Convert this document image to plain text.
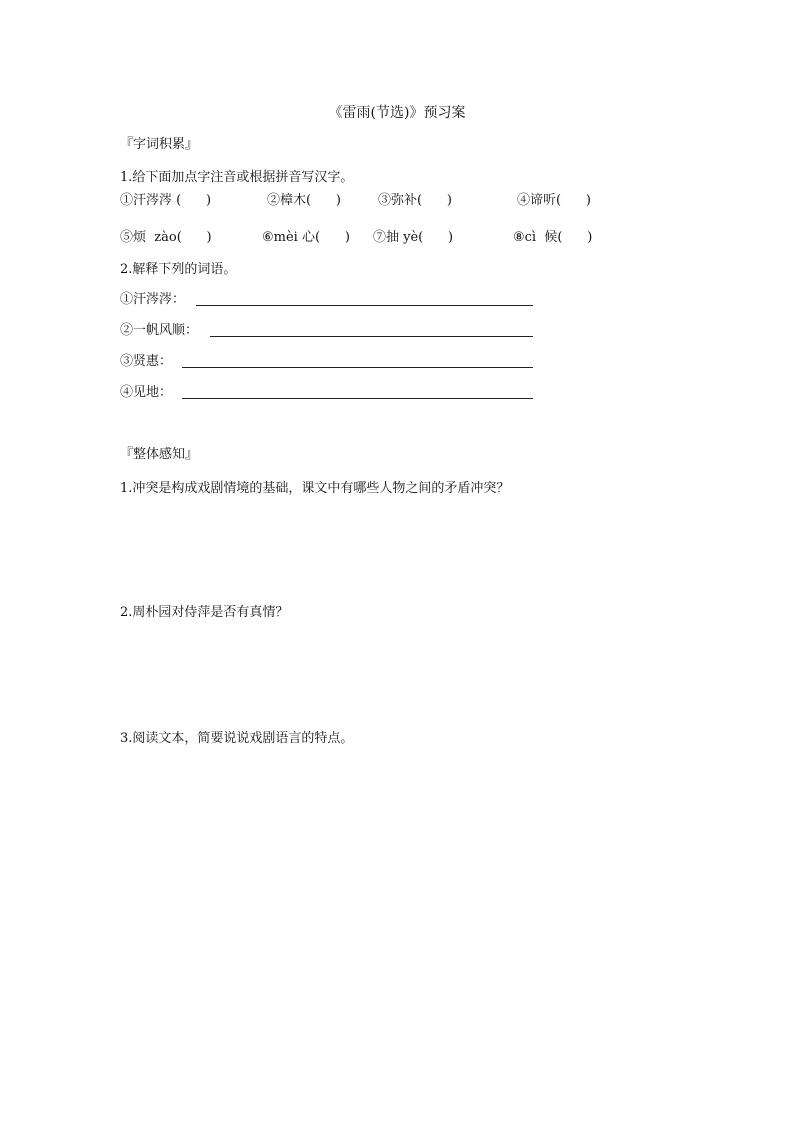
《雷雨(节选)》预习案
『字词积累』
1.给下面加点字注音或根据拼音写汉字。
①汗涔涔 (      )	②樟木(      )	③弥补(      )	④谛听(      )
⑤烦  zào(      )	⑥mèi 心(      ) ⑦抽 yè(      )	⑧cì  候(      )
2.解释下列的词语。
①汗涔涔：
②一帆风顺：
③贤惠：
④见地：
『整体感知』
1.冲突是构成戏剧情境的基础，课文中有哪些人物之间的矛盾冲突？
2.周朴园对侍萍是否有真情？
3.阅读文本，简要说说戏剧语言的特点。
